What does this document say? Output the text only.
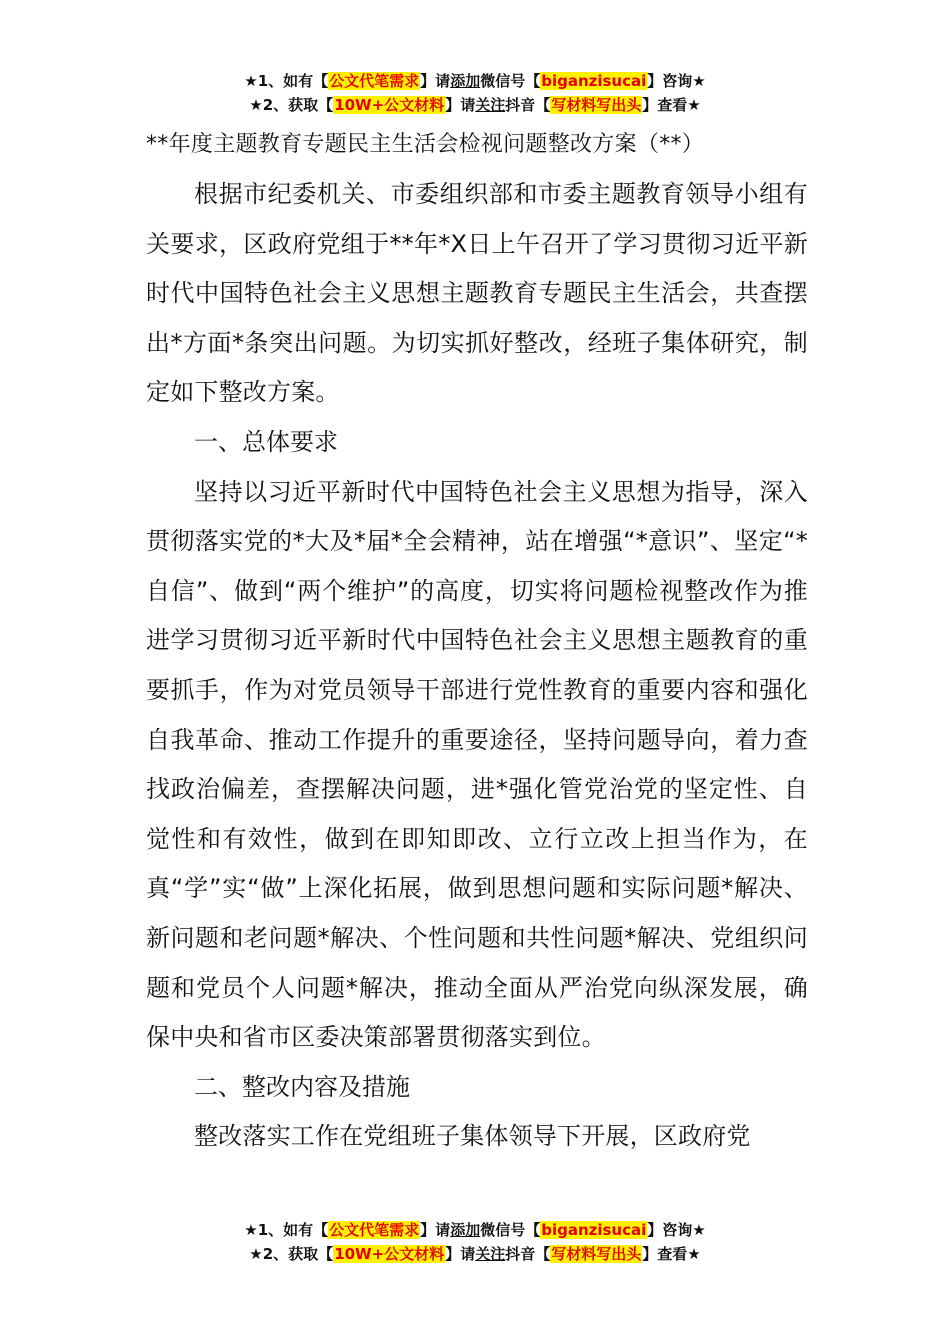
★1、如有【公文代笔需求】请添加微信号【biganzisucai】咨询★
★2、获取【10W+公文材料】请关注抖音【写材料写出头】查看★
**年度主题教育专题民主生活会检视问题整改方案（**）

根据市纪委机关、市委组织部和市委主题教育领导小组有关要求，区政府党组于**年*X日上午召开了学习贯彻习近平新时代中国特色社会主义思想主题教育专题民主生活会，共查摆出*方面*条突出问题。为切实抓好整改，经班子集体研究，制定如下整改方案。

一、总体要求

坚持以习近平新时代中国特色社会主义思想为指导，深入贯彻落实党的*大及*届*全会精神，站在增强“*意识”、坚定“*自信”、做到“两个维护”的高度，切实将问题检视整改作为推进学习贯彻习近平新时代中国特色社会主义思想主题教育的重要抓手，作为对党员领导干部进行党性教育的重要内容和强化自我革命、推动工作提升的重要途径，坚持问题导向，着力查找政治偏差，查摆解决问题，进*强化管党治党的坚定性、自觉性和有效性，做到在即知即改、立行立改上担当作为，在真“学”实“做”上深化拓展，做到思想问题和实际问题*解决、新问题和老问题*解决、个性问题和共性问题*解决、党组织问题和党员个人问题*解决，推动全面从严治党向纵深发展，确保中央和省市区委决策部署贯彻落实到位。

二、整改内容及措施

整改落实工作在党组班子集体领导下开展，区政府党

★1、如有【公文代笔需求】请添加微信号【biganzisucai】咨询★
★2、获取【10W+公文材料】请关注抖音【写材料写出头】查看★
